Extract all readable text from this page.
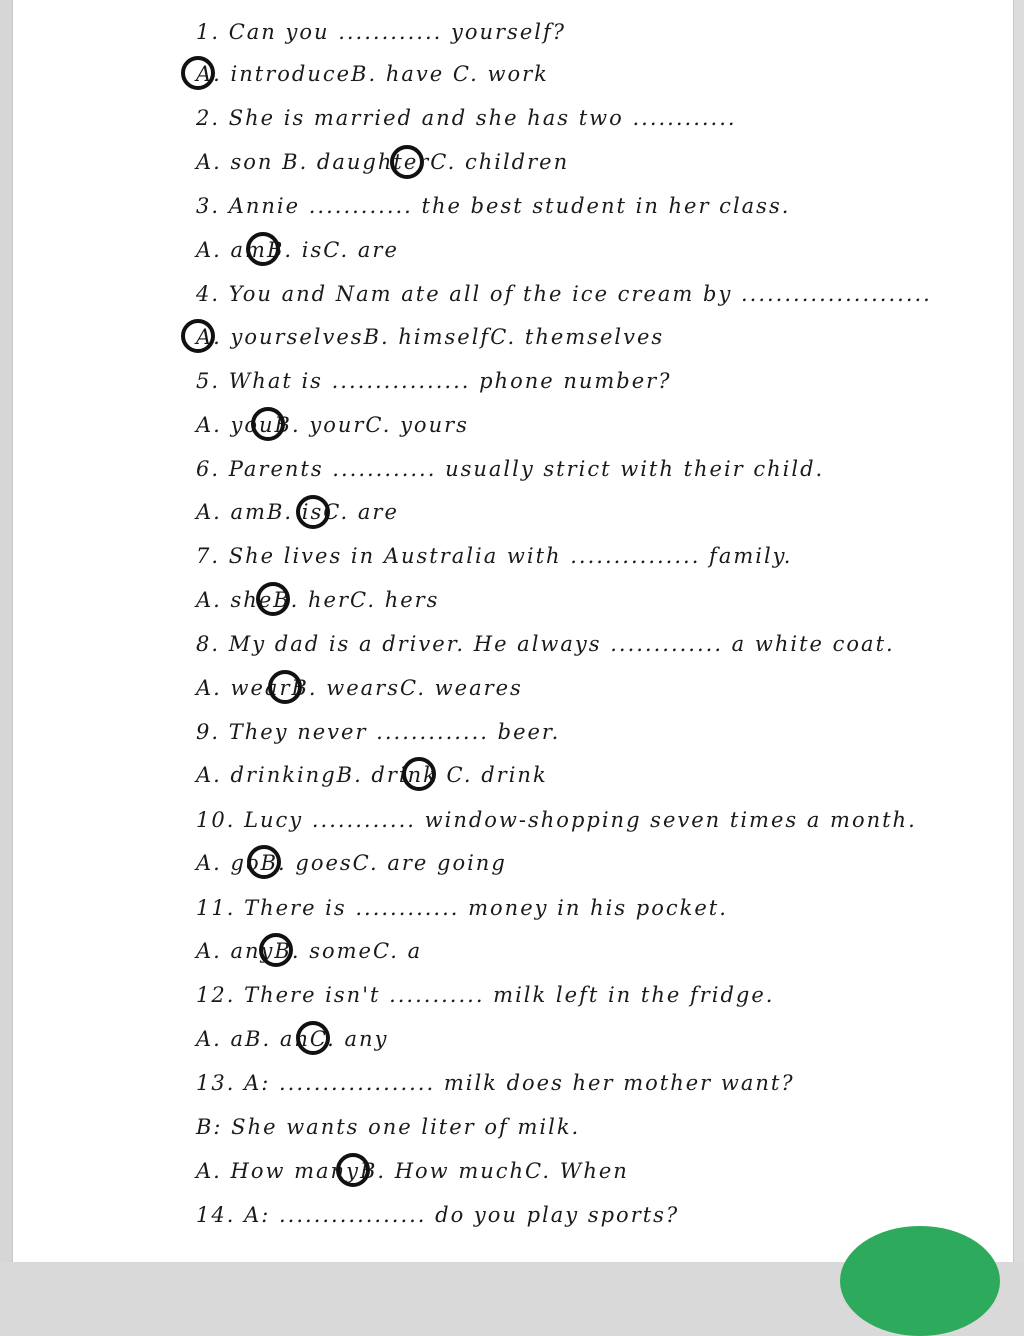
1. Can you ............ yourself?

A. introduceB. have C. work

2. She is married and she has two ............

A. son B. daughterC. children

3. Annie ............ the best student in her class.

A. amB. isC. are

4. You and Nam ate all of the ice cream by ......................

A. yourselvesB. himselfC. themselves

5. What is ................ phone number?

A. youB. yourC. yours

6. Parents ............ usually strict with their child.

A. amB. isC. are

7. She lives in Australia with ............... family.

A. sheB. herC. hers

8. My dad is a driver. He always ............. a white coat.

A. wearB. wearsC. weares

9. They never ............. beer.

A. drinkingB. drink C. drink

10. Lucy ............ window-shopping seven times a month.

A. goB. goesC. are going

11. There is ............ money in his pocket.

A. anyB. someC. a

12. There isn't ........... milk left in the fridge.

A. aB. anC. any

13. A: .................. milk does her mother want?

B: She wants one liter of milk.

A. How manyB. How muchC. When

14. A: ................. do you play sports?
